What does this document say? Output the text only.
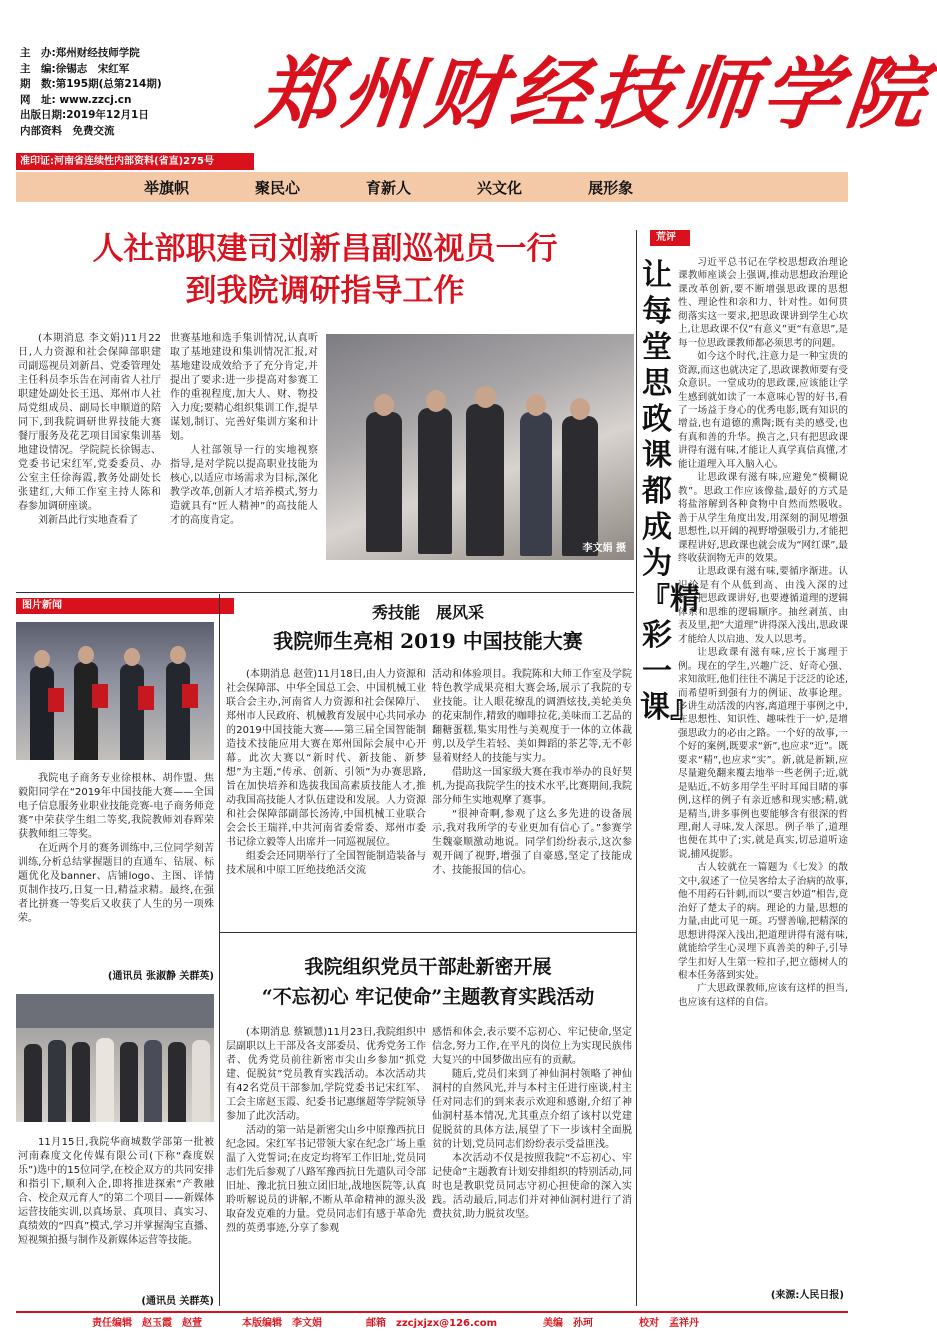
主　办:郑州财经技师学院
主　编:徐锡志　宋红军
期　数:第195期(总第214期)
网　址: www.zzcj.cn
出版日期:2019年12月1日
内部资料　免费交流
准印证:河南省连续性内部资料(省直)275号
郑州财经技师学院
举旗帜	聚民心	育新人	兴文化	展形象
人社部职建司刘新昌副巡视员一行
到我院调研指导工作

(本期消息 李文娟)11月22日,人力资源和社会保障部职建司副巡视员刘新昌、党委管理处主任科员李乐告在河南省人社厅职建处副处长王迅、郑州市人社局党组成员、副局长申顺道的陪同下,到我院调研世界技能大赛餐厅服务及花艺项目国家集训基地建设情况。学院院长徐锡志、党委书记宋红军,党委委员、办公室主任徐海霞,教务处副处长张建红,大师工作室主持人陈和春参加调研座谈。

刘新昌此行实地查看了

世赛基地和选手集训情况,认真听取了基地建设和集训情况汇报,对基地建设成效给予了充分肯定,并提出了要求:进一步提高对参赛工作的重视程度,加大人、财、物投入力度;要精心组织集训工作,提早谋划,制订、完善好集训方案和计划。

人社部领导一行的实地视察指导,是对学院以提高职业技能为核心,以适应市场需求为目标,深化教学改革,创新人才培养模式,努力造就具有“匠人精神”的高技能人才的高度肯定。

李文娟 摄
荒评
让每堂思政课都成为『精彩一课』

习近平总书记在学校思想政治理论课教师座谈会上强调,推动思想政治理论课改革创新,要不断增强思政课的思想性、理论性和亲和力、针对性。如何贯彻落实这一要求,把思政课讲到学生心坎上,让思政课不仅“有意义”更“有意思”,是每一位思政课教师都必须思考的问题。

如今这个时代,注意力是一种宝贵的资源,而这也就决定了,思政课教师要有受众意识。一堂成功的思政课,应该能让学生感到就如读了一本意味心智的好书,看了一场益于身心的优秀电影,既有知识的增益,也有道德的熏陶;既有美的感受,也有真和善的升华。换言之,只有把思政课讲得有滋有味,才能让人真学真信真懂,才能让道理入耳入脑入心。

让思政课有滋有味,应避免“模糊说教”。思政工作应该像盐,最好的方式是将盐溶解到各种食物中自然而然吸收。善于从学生角度出发,用深刻的洞见增强思想性,以开阔的视野增强吸引力,才能把课程讲好,思政课也就会成为“网红课”,最终收获润物无声的效果。

让思政课有滋有味,要循序渐进。认识论是有个从低到高、由浅入深的过程。把思政课讲好,也要遵循道理的逻辑体系和思维的逻辑顺序。抽丝剥茧、由表及里,把“大道理”讲得深入浅出,思政课才能给人以启迪、发人以思考。

让思政课有滋有味,应长于寓理于例。现在的学生,兴趣广泛、好奇心强、求知欲旺,他们往往不满足于泛泛的论述,而希望听到强有力的例证、故事论理。多讲生动活泼的内容,离道理于事例之中,在思想性、知识性、趣味性于一炉,是增强思政力的必由之路。一个好的故事,一个好的案例,既要求“新”,也应求“近”。既要求“精”,也应求“实”。新,就是新颖,应尽量避免翻来覆去地举一些老例子;近,就是贴近,不妨多用学生平时耳闻目睹的事例,这样的例子有亲近感和现实感;精,就是精当,讲多事例也要能够含有很深的哲理,耐人寻味,发人深思。例子举了,道理也便在其中了;实,就是真实,切忌道听途说,捕风捉影。

古人较就在一篇题为《七发》的散文中,叙述了一位吴客给太子治病的故事,他不用药石针刺,而以“要言妙道”相告,竟治好了楚太子的病。理论的力量,思想的力量,由此可见一斑。巧譬善喻,把精深的思想讲得深入浅出,把道理讲得有滋有味,就能给学生心灵埋下真善美的种子,引导学生扣好人生第一粒扣子,把立德树人的根本任务落到实处。

广大思政课教师,应该有这样的担当,也应该有这样的自信。

(来源:人民日报)
图片新闻

我院电子商务专业徐根林、胡作盟、焦毅阳同学在“2019年中国技能大赛——全国电子信息服务业职业技能竞赛-电子商务师竞赛”中荣获学生组二等奖,我院教师刘春辉荣获教师组三等奖。

在近两个月的赛务训练中,三位同学刻苦训练,分析总结掌握题目的直通车、钻展、标题优化及banner、店铺logo、主图、详情页制作技巧,日复一日,精益求精。最终,在强者比拼赛一等奖后又收获了人生的另一项殊荣。

(通讯员 张淑静 关群英)

11月15日,我院华商城数学部第一批被河南森度文化传媒有限公司(下称“森度娱乐”)选中的15位同学,在校企双方的共同安排和指引下,顺利入企,即将推进探索“产教融合、校企双元育人”的第二个项目——新媒体运营技能实训,以真场景、真项目、真实习、真绩效的“四真”模式,学习并掌握淘宝直播、短视频拍摄与制作及新媒体运营等技能。

(通讯员 关群英)
秀技能　展风采
我院师生亮相 2019 中国技能大赛

(本期消息 赵萱)11月18日,由人力资源和社会保障部、中华全国总工会、中国机械工业联合会主办,河南省人力资源和社会保障厅、郑州市人民政府、机械教育发展中心共同承办的2019中国技能大赛——第三届全国智能制造技术技能应用大赛在郑州国际会展中心开幕。此次大赛以“新时代、新技能、新梦想”为主题,“传承、创新、引领”为办赛思路,旨在加快培养和选拔我国高素质技能人才,推动我国高技能人才队伍建设和发展。人力资源和社会保障部副部长汤涛,中国机械工业联合会会长王瑞祥,中共河南省委常委、郑州市委书记徐立毅等人出席并一同巡视展位。

组委会还同期举行了全国智能制造装备与技术展和中原工匠绝技绝活交流

活动和体验项目。我院陈和大师工作室及学院特色教学成果亮相大赛会场,展示了我院的专业技能。让人眼花缭乱的调酒炫技,美轮美奂的花束制作,精致的咖啡拉花,美味而工艺品的翻糖蛋糕,集实用性与美观度于一体的立体裁剪,以及学生若轻、美如舞蹈的茶艺等,无不彰显着财经人的技能与实力。

借助这一国家级大赛在我市举办的良好契机,为提高我院学生的技术水平,比赛期间,我院部分师生实地观摩了赛事。

“很神奇啊,参观了这么多先进的设备展示,我对我所学的专业更加有信心了。”参赛学生魏豪顺激动地说。同学们纷纷表示,这次参观开阔了视野,增强了自豪感,坚定了技能成才、技能报国的信心。

我院组织党员干部赴新密开展
“不忘初心 牢记使命”主题教育实践活动

(本期消息 蔡颖慧)11月23日,我院组织中层副职以上干部及各支部委员、优秀党务工作者、优秀党员前往新密市尖山乡参加“抓党建、促脱贫”党员教育实践活动。本次活动共有42名党员干部参加,学院党委书记宋红军、工会主席赵玉霞、纪委书记惠继超等学院领导参加了此次活动。

活动的第一站是新密尖山乡中原豫西抗日纪念园。宋红军书记带领大家在纪念广场上重温了入党誓词;在皮定均将军工作旧址,党员同志们先后参观了八路军豫西抗日先遣队司令部旧址、豫北抗日独立团旧址,战地医院等,认真聆听解说员的讲解,不断从革命精神的源头汲取奋发克难的力量。党员同志们有感于革命先烈的英勇事迹,分享了参观

感悟和体会,表示要不忘初心、牢记使命,坚定信念,努力工作,在平凡的岗位上为实现民族伟大复兴的中国梦做出应有的贡献。

随后,党员们来到了神仙洞村领略了神仙洞村的自然风光,并与本村主任进行座谈,村主任对同志们的到来表示欢迎和感谢,介绍了神仙洞村基本情况,尤其重点介绍了该村以党建促脱贫的具体方法,展望了下一步该村全面脱贫的计划,党员同志们纷纷表示受益匪浅。

本次活动不仅是按照我院“不忘初心、牢记使命”主题教育计划安排组织的特别活动,同时也是教职党员同志守初心担使命的深入实践。活动最后,同志们并对神仙洞村进行了消费扶贫,助力脱贫攻坚。

责任编辑　赵玉霞　赵萱	本版编辑　李文娟	邮箱　zzcjxjzx@126.com	美编　孙珂	校对　孟祥丹
